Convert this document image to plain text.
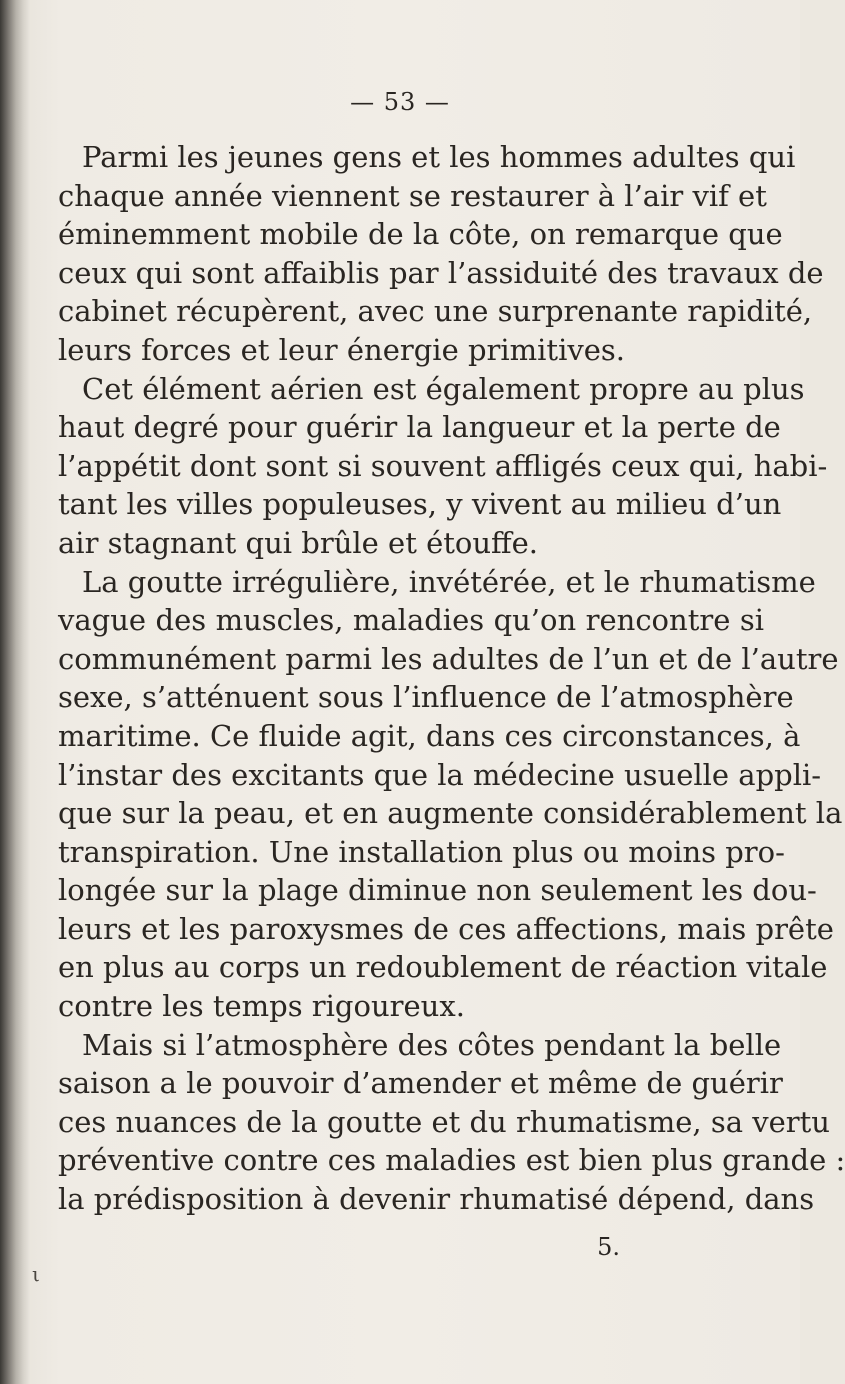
— 53 —
Parmi les jeunes gens et les hommes adultes qui
chaque année viennent se restaurer à l’air vif et
éminemment mobile de la côte, on remarque que
ceux qui sont affaiblis par l’assiduité des travaux de
cabinet récupèrent, avec une surprenante rapidité,
leurs forces et leur énergie primitives.
Cet élément aérien est également propre au plus
haut degré pour guérir la langueur et la perte de
l’appétit dont sont si souvent affligés ceux qui, habi-
tant les villes populeuses, y vivent au milieu d’un
air stagnant qui brûle et étouffe.
La goutte irrégulière, invétérée, et le rhumatisme
vague des muscles, maladies qu’on rencontre si
communément parmi les adultes de l’un et de l’autre
sexe, s’atténuent sous l’influence de l’atmosphère
maritime. Ce fluide agit, dans ces circonstances, à
l’instar des excitants que la médecine usuelle appli-
que sur la peau, et en augmente considérablement la
transpiration. Une installation plus ou moins pro-
longée sur la plage diminue non seulement les dou-
leurs et les paroxysmes de ces affections, mais prête
en plus au corps un redoublement de réaction vitale
contre les temps rigoureux.
Mais si l’atmosphère des côtes pendant la belle
saison a le pouvoir d’amender et même de guérir
ces nuances de la goutte et du rhumatisme, sa vertu
préventive contre ces maladies est bien plus grande :
la prédisposition à devenir rhumatisé dépend, dans
5.
ι
